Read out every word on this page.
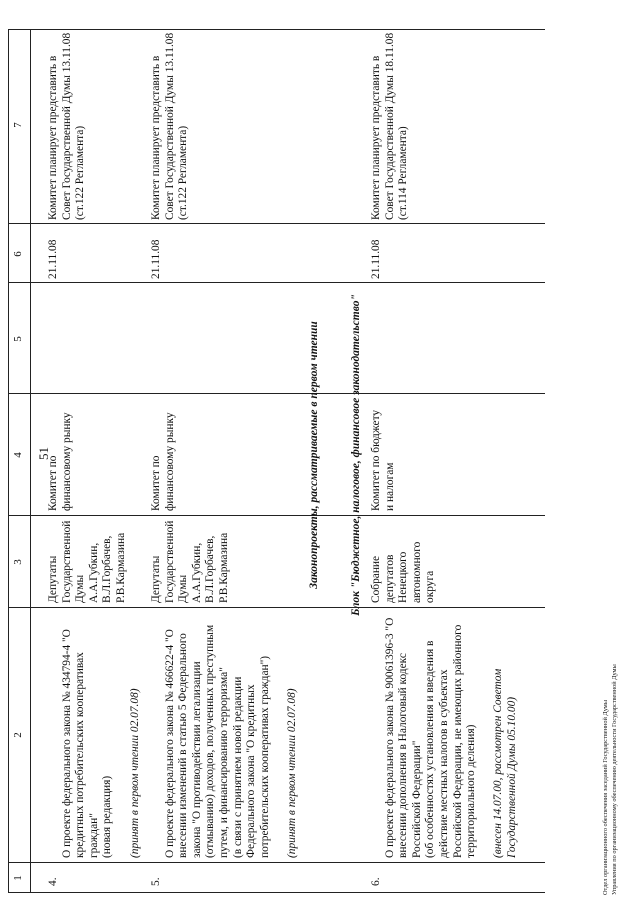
51
1
2
3
4
5
6
7
4.

О проекте федерального закона № 434794-4 "О кредитных потребительских кооперативах граждан"
(новая редакция) (принят в первом чтении 02.07.08)

Депутаты Государственной Думы
А.А.Губкин,
В.Л.Горбачев,
Р.В.Кармазина
Комитет по финансовому рынку
21.11.08
Комитет планирует представить в Совет Государственной Думы 13.11.08
(ст.122 Регламента)
5.

О проекте федерального закона № 466622-4 "О внесении изменений в статью 5 Федерального закона "О противодействии легализации (отмыванию) доходов, полученных преступным путем, и финансированию терроризма"
(в связи с принятием новой редакции Федерального закона "О кредитных потребительских кооперативах граждан")

(принят в первом чтении 02.07.08)

Депутаты Государственной Думы
А.А.Губкин,
В.Л.Горбачев,
Р.В.Кармазина
Комитет по финансовому рынку
21.11.08
Комитет планирует представить в Совет Государственной Думы 13.11.08
(ст.122 Регламента)
Законопроекты, рассматриваемые в первом чтении	Блок "Бюджетное, налоговое, финансовое законодательство"
6.

О проекте федерального закона № 90061396-3 "О внесении дополнения в Налоговый кодекс Российской Федерации"
(об особенностях установления и введения в действие местных налогов в субъектах Российской Федерации, не имеющих районного территориального деления) (внесен 14.07.00, рассмотрен Советом Государственной Думы 05.10.00)

Собрание депутатов Ненецкого автономного округа
Комитет по бюджету и налогам
21.11.08
Комитет планирует представить в Совет Государственной Думы 18.11.08
(ст.114 Регламента)
Отдел организационного обеспечения заседаний Государственной Думы Управления по организационному обеспечению деятельности Государственной Думы
